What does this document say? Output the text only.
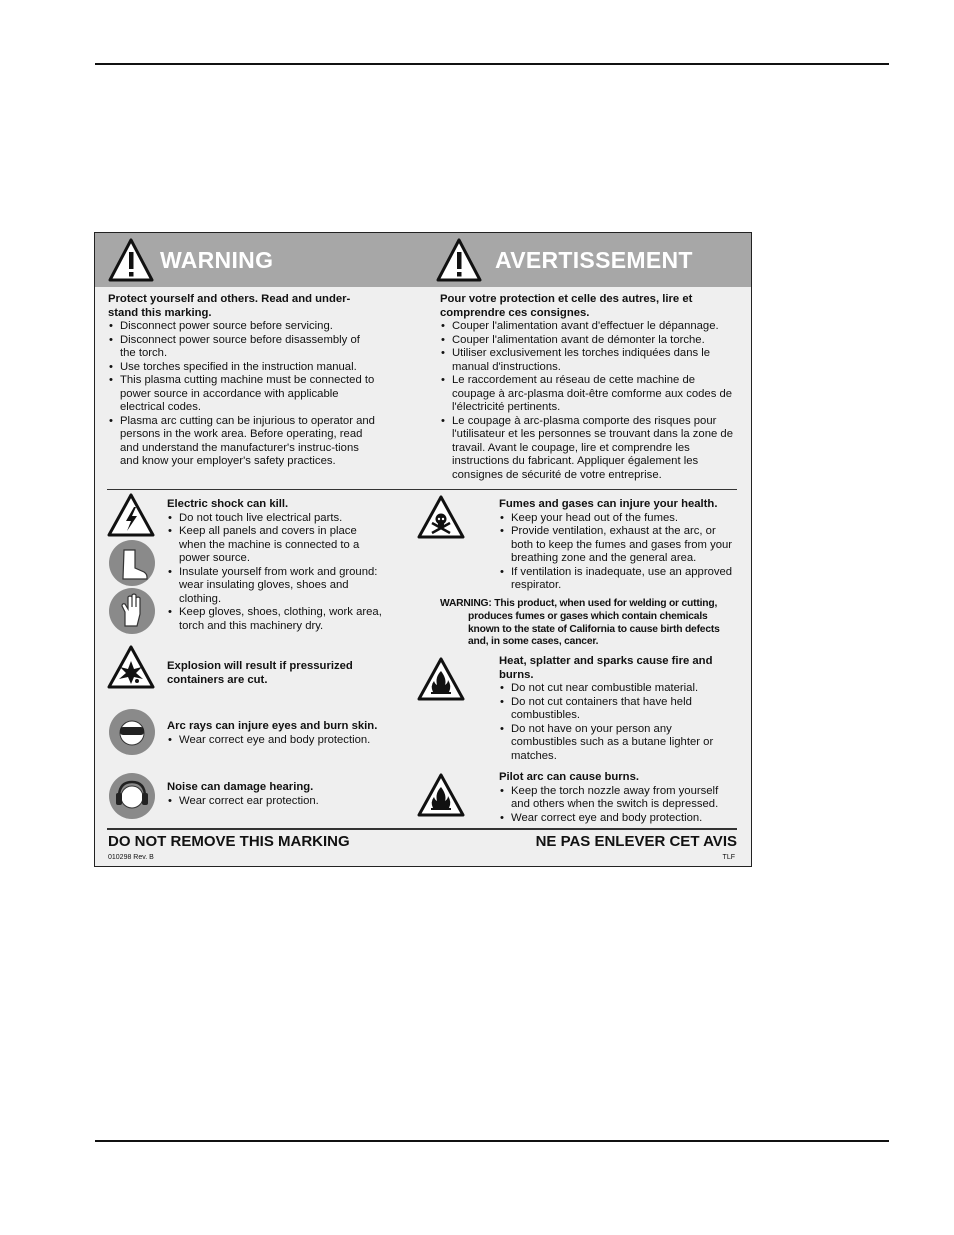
WARNING	AVERTISSEMENT
Protect yourself and others. Read and under-stand this marking.
• Disconnect power source before servicing.
• Disconnect power source before disassembly of the torch.
• Use torches specified in the instruction manual.
• This plasma cutting machine must be connected to power source in accordance with applicable electrical codes.
• Plasma arc cutting can be injurious to operator and persons in the work area. Before operating, read and understand the manufacturer's instruc-tions and know your employer's safety practices.
Pour votre protection et celle des autres, lire et comprendre ces consignes.
• Couper l'alimentation avant d'effectuer le dépannage.
• Couper l'alimentation avant de démonter la torche.
• Utiliser exclusivement les torches indiquées dans le manual d'instructions.
• Le raccordement au réseau de cette machine de coupage à arc-plasma doit-être comforme aux codes de l'électricité pertinents.
• Le coupage à arc-plasma comporte des risques pour l'utilisateur et les personnes se trouvant dans la zone de travail. Avant le coupage, lire et comprendre les instructions du fabricant. Appliquer également les consignes de sécurité de votre entreprise.
Electric shock can kill.
• Do not touch live electrical parts.
• Keep all panels and covers in place when the machine is connected to a power source.
• Insulate yourself from work and ground: wear insulating gloves, shoes and clothing.
• Keep gloves, shoes, clothing, work area, torch and this machinery dry.
Explosion will result if pressurized containers are cut.
Arc rays can injure eyes and burn skin.
• Wear correct eye and body protection.
Noise can damage hearing.
• Wear correct ear protection.
Fumes and gases can injure your health.
• Keep your head out of the fumes.
• Provide ventilation, exhaust at the arc, or both to keep the fumes and gases from your breathing zone and the general area.
• If ventilation is inadequate, use an approved respirator.
WARNING: This product, when used for welding or cutting,
produces fumes or gases which contain chemicals known to the state of California to cause birth defects and, in some cases, cancer.
Heat, splatter and sparks cause fire and burns.
• Do not cut near combustible material.
• Do not cut containers that have held combustibles.
• Do not have on your person any combustibles such as a butane lighter or matches.
Pilot arc can cause burns.
• Keep the torch nozzle away from yourself and others when the switch is depressed.
• Wear correct eye and body protection.
DO NOT REMOVE THIS MARKING	NE PAS ENLEVER CET AVIS
010298 Rev. B	TLF
